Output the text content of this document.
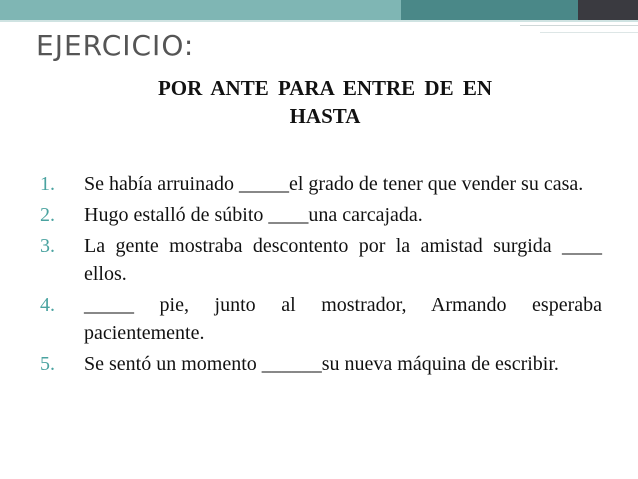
EJERCICIO:
POR ANTE PARA ENTRE DE EN
HASTA
1. Se había arruinado _____el grado de tener que vender su casa.
2. Hugo estalló de súbito ____una carcajada.
3. La gente mostraba descontento por la amistad surgida ____ ellos.
4. _____ pie, junto al mostrador, Armando esperaba pacientemente.
5. Se sentó un momento ______su nueva máquina de escribir.
